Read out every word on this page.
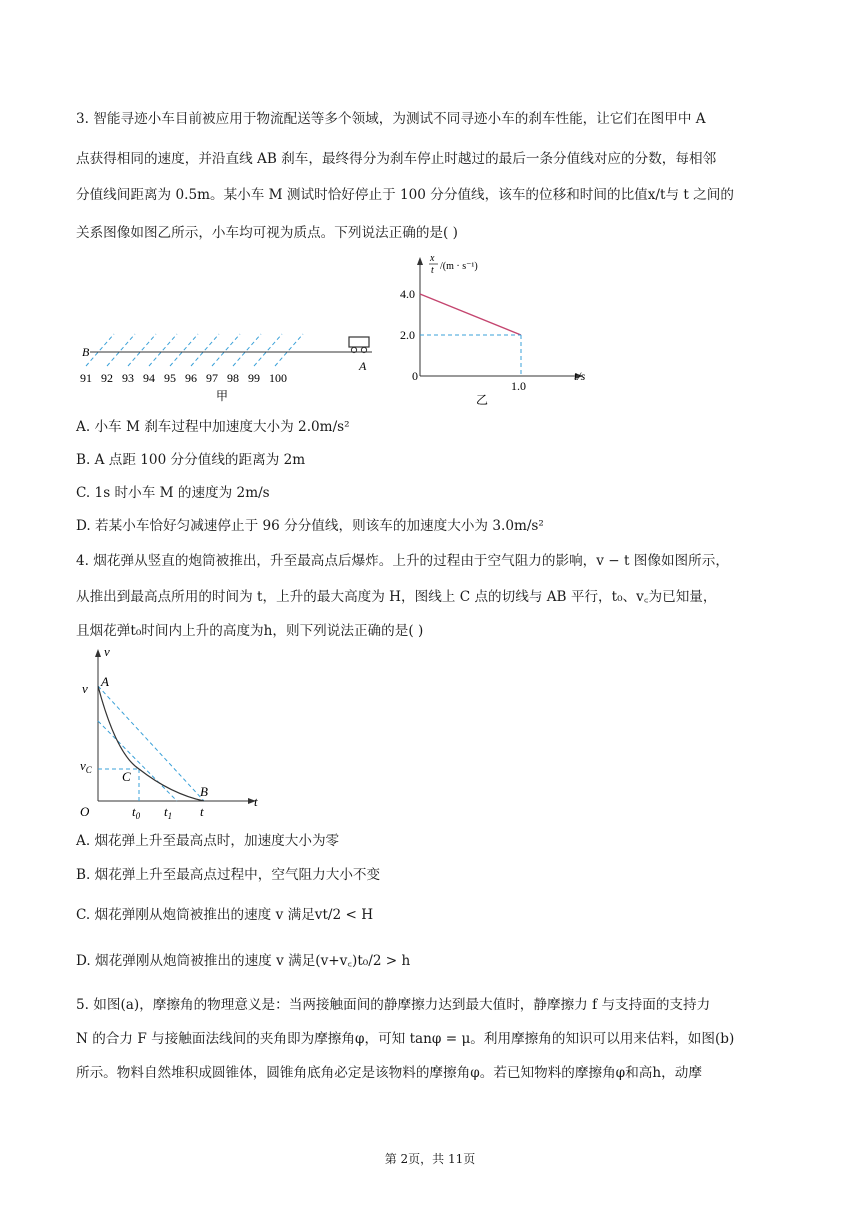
3. 智能寻迹小车目前被应用于物流配送等多个领域，为测试不同寻迹小车的刹车性能，让它们在图甲中 A
点获得相同的速度，并沿直线 AB 刹车，最终得分为刹车停止时越过的最后一条分值线对应的分数，每相邻
分值线间距离为 0.5m。某小车 M 测试时恰好停止于 100 分分值线，该车的位移和时间的比值x/t与 t 之间的
关系图像如图乙所示，小车均可视为质点。下列说法正确的是( )
B
A
91 92 93 94 95 96 97 98 99 100
甲
x
t /(m · s⁻¹)
4.0
2.0
0
1.0
t/s
乙
A. 小车 M 刹车过程中加速度大小为 2.0m/s²
B. A 点距 100 分分值线的距离为 2m
C. 1s 时小车 M 的速度为 2m/s
D. 若某小车恰好匀减速停止于 96 分分值线，则该车的加速度大小为 3.0m/s²
4. 烟花弹从竖直的炮筒被推出，升至最高点后爆炸。上升的过程由于空气阻力的影响，v − t 图像如图所示，
从推出到最高点所用的时间为 t，上升的最大高度为 H，图线上 C 点的切线与 AB 平行，t₀、v꜀为已知量，
且烟花弹t₀时间内上升的高度为h，则下列说法正确的是( )
v
t
O
v A
$v_C$ C
B
$t_0$ $t_1$ t
A. 烟花弹上升至最高点时，加速度大小为零
B. 烟花弹上升至最高点过程中，空气阻力大小不变
C. 烟花弹刚从炮筒被推出的速度 v 满足vt/2 < H
D. 烟花弹刚从炮筒被推出的速度 v 满足(v+v꜀)t₀/2 > h
5. 如图(a)，摩擦角的物理意义是：当两接触面间的静摩擦力达到最大值时，静摩擦力 f 与支持面的支持力
N 的合力 F 与接触面法线间的夹角即为摩擦角φ，可知 tanφ = μ。利用摩擦角的知识可以用来估料，如图(b)
所示。物料自然堆积成圆锥体，圆锥角底角必定是该物料的摩擦角φ。若已知物料的摩擦角φ和高h，动摩
第 2页，共 11页
